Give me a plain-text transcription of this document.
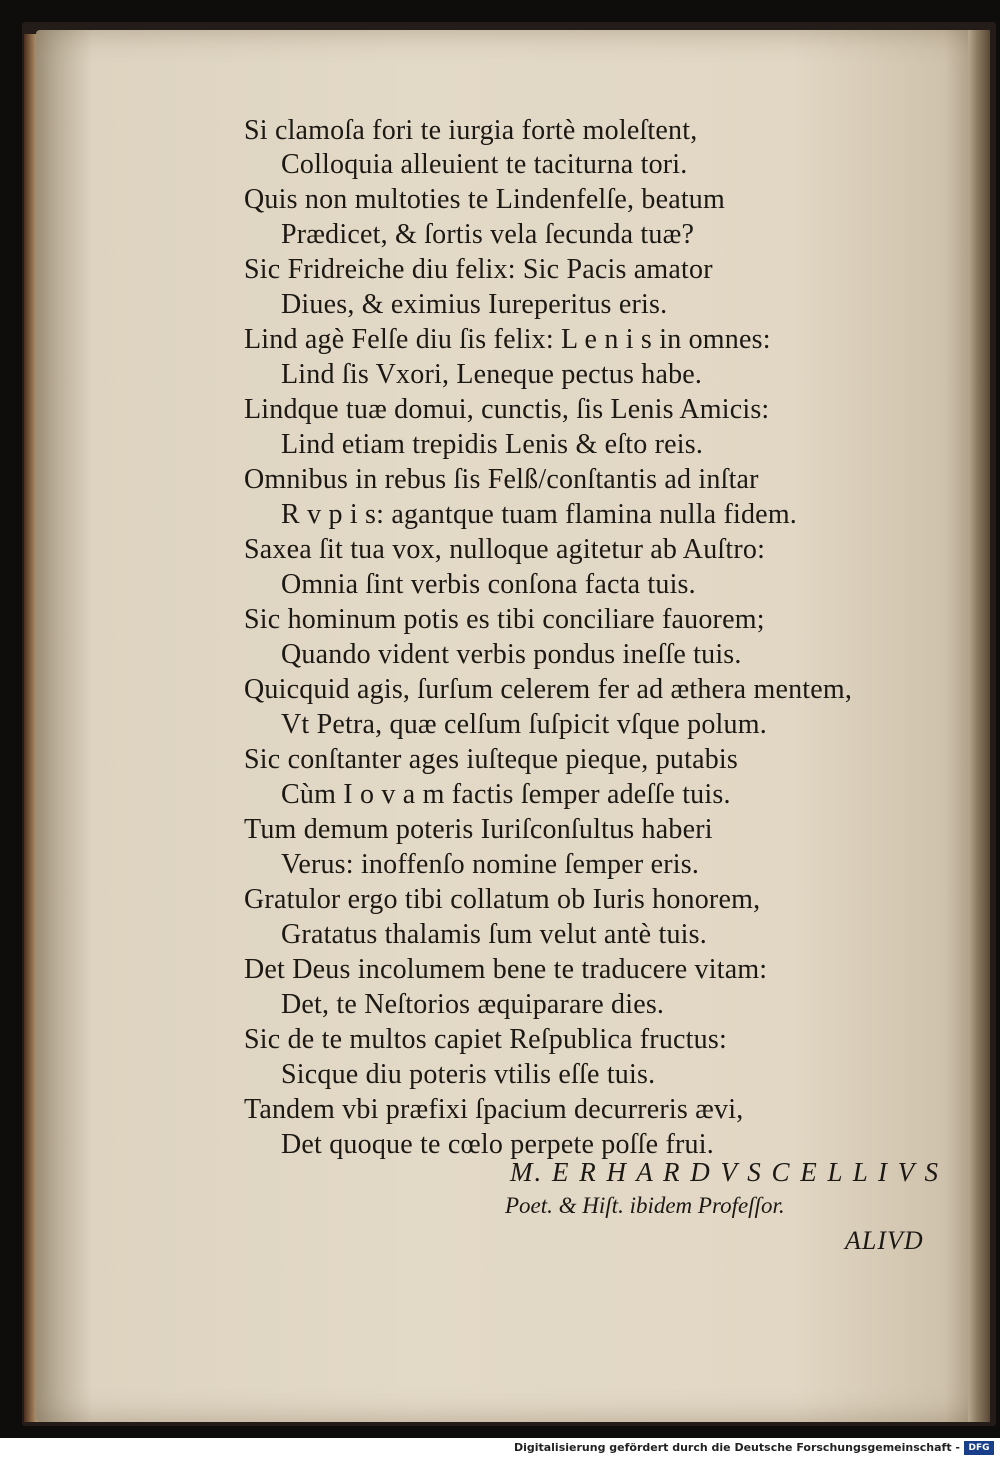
Si clamoſa fori te iurgia fortè moleſtent,
Colloquia alleuient te taciturna tori.
Quis non multoties te Lindenfelſe, beatum
Prædicet, & ſortis vela ſecunda tuæ?
Sic Fridreiche diu felix: Sic Pacis amator
Diues, & eximius Iureperitus eris.
Lind agè Felſe diu ſis felix: L e n i s in omnes:
Lind ſis Vxori, Leneque pectus habe.
Lindque tuæ domui, cunctis, ſis Lenis Amicis:
Lind etiam trepidis Lenis & eſto reis.
Omnibus in rebus ſis Felß/conſtantis ad inſtar
R v p i s: agantque tuam flamina nulla fidem.
Saxea ſit tua vox, nulloque agitetur ab Auſtro:
Omnia ſint verbis conſona facta tuis.
Sic hominum potis es tibi conciliare fauorem;
Quando vident verbis pondus ineſſe tuis.
Quicquid agis, ſurſum celerem fer ad æthera mentem,
Vt Petra, quæ celſum ſuſpicit vſque polum.
Sic conſtanter ages iuſteque pieque, putabis
Cùm I o v a m factis ſemper adeſſe tuis.
Tum demum poteris Iuriſconſultus haberi
Verus: inoffenſo nomine ſemper eris.
Gratulor ergo tibi collatum ob Iuris honorem,
Gratatus thalamis ſum velut antè tuis.
Det Deus incolumem bene te traducere vitam:
Det, te Neſtorios æquiparare dies.
Sic de te multos capiet Reſpublica fructus:
Sicque diu poteris vtilis eſſe tuis.
Tandem vbi præfixi ſpacium decurreris ævi,
Det quoque te cœlo perpete poſſe frui.
M. E R H A R D V S C E L L I V S
Poet. & Hiſt. ibidem Profeſſor.
ALIVD
Digitalisierung gefördert durch die Deutsche Forschungsgemeinschaft - DFG
